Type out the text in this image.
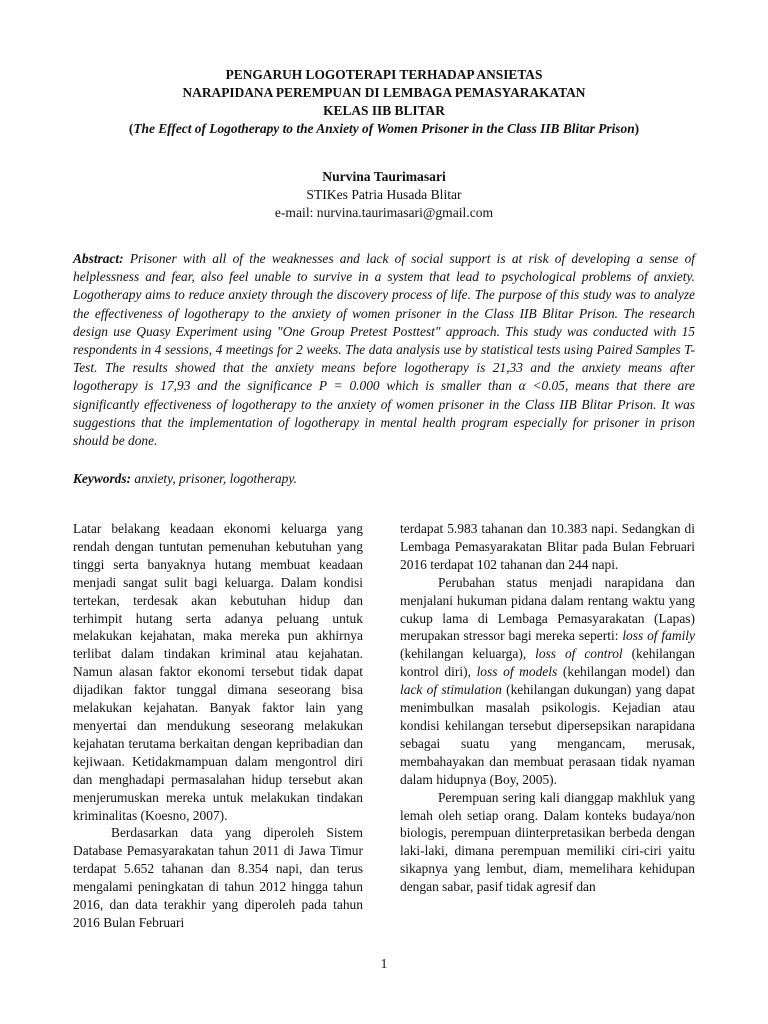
PENGARUH LOGOTERAPI TERHADAP ANSIETAS
NARAPIDANA PEREMPUAN DI LEMBAGA PEMASYARAKATAN
KELAS IIB BLITAR
(The Effect of Logotherapy to the Anxiety of Women Prisoner in the Class IIB Blitar Prison)
Nurvina Taurimasari
STIKes Patria Husada Blitar
e-mail: nurvina.taurimasari@gmail.com
Abstract: Prisoner with all of the weaknesses and lack of social support is at risk of developing a sense of helplessness and fear, also feel unable to survive in a system that lead to psychological problems of anxiety. Logotherapy aims to reduce anxiety through the discovery process of life. The purpose of this study was to analyze the effectiveness of logotherapy to the anxiety of women prisoner in the Class IIB Blitar Prison. The research design use Quasy Experiment using "One Group Pretest Posttest" approach. This study was conducted with 15 respondents in 4 sessions, 4 meetings for 2 weeks. The data analysis use by statistical tests using Paired Samples T-Test. The results showed that the anxiety means before logotherapy is 21,33 and the anxiety means after logotherapy is 17,93 and the significance P = 0.000 which is smaller than α <0.05, means that there are significantly effectiveness of logotherapy to the anxiety of women prisoner in the Class IIB Blitar Prison. It was suggestions that the implementation of logotherapy in mental health program especially for prisoner in prison should be done.
Keywords: anxiety, prisoner, logotherapy.

Latar belakang keadaan ekonomi keluarga yang rendah dengan tuntutan pemenuhan kebutuhan yang tinggi serta banyaknya hutang membuat keadaan menjadi sangat sulit bagi keluarga. Dalam kondisi tertekan, terdesak akan kebutuhan hidup dan terhimpit hutang serta adanya peluang untuk melakukan kejahatan, maka mereka pun akhirnya terlibat dalam tindakan kriminal atau kejahatan. Namun alasan faktor ekonomi tersebut tidak dapat dijadikan faktor tunggal dimana seseorang bisa melakukan kejahatan. Banyak faktor lain yang menyertai dan mendukung seseorang melakukan kejahatan terutama berkaitan dengan kepribadian dan kejiwaan. Ketidakmampuan dalam mengontrol diri dan menghadapi permasalahan hidup tersebut akan menjerumuskan mereka untuk melakukan tindakan kriminalitas (Koesno, 2007).

Berdasarkan data yang diperoleh Sistem Database Pemasyarakatan tahun 2011 di Jawa Timur terdapat 5.652 tahanan dan 8.354 napi, dan terus mengalami peningkatan di tahun 2012 hingga tahun 2016, dan data terakhir yang diperoleh pada tahun 2016 Bulan Februari

terdapat 5.983 tahanan dan 10.383 napi. Sedangkan di Lembaga Pemasyarakatan Blitar pada Bulan Februari 2016 terdapat 102 tahanan dan 244 napi.

Perubahan status menjadi narapidana dan menjalani hukuman pidana dalam rentang waktu yang cukup lama di Lembaga Pemasyarakatan (Lapas) merupakan stressor bagi mereka seperti: loss of family (kehilangan keluarga), loss of control (kehilangan kontrol diri), loss of models (kehilangan model) dan lack of stimulation (kehilangan dukungan) yang dapat menimbulkan masalah psikologis. Kejadian atau kondisi kehilangan tersebut dipersepsikan narapidana sebagai suatu yang mengancam, merusak, membahayakan dan membuat perasaan tidak nyaman dalam hidupnya (Boy, 2005).

Perempuan sering kali dianggap makhluk yang lemah oleh setiap orang. Dalam konteks budaya/non biologis, perempuan diinterpretasikan berbeda dengan laki-laki, dimana perempuan memiliki ciri-ciri yaitu sikapnya yang lembut, diam, memelihara kehidupan dengan sabar, pasif tidak agresif dan

1
